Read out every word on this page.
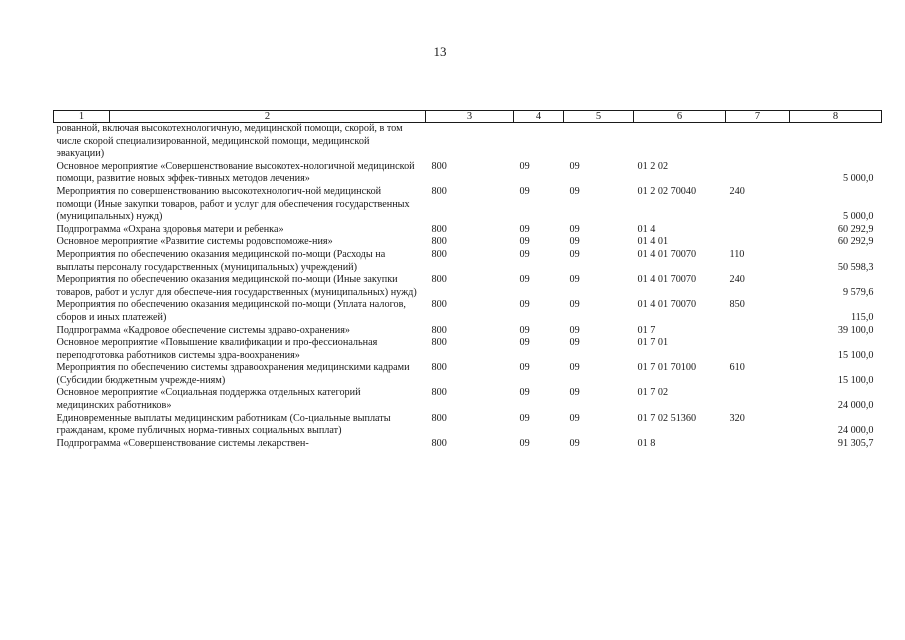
13
1	2	3	4	5	6	7	8
рованной, включая высокотехнологичную, медицинской помощи, скорой, в том числе скорой специализированной, медицинской помощи, медицинской эвакуации)							
Основное мероприятие «Совершенствование высокотех-нологичной медицинской помощи, развитие новых эффек-тивных методов лечения»		800	09	09	01 2 02		5 000,0
Мероприятия по совершенствованию высокотехнологич-ной медицинской помощи (Иные закупки товаров, работ и услуг для обеспечения государственных (муниципальных) нужд)		800	09	09	01 2 02 70040	240	5 000,0
Подпрограмма «Охрана здоровья матери и ребенка»		800	09	09	01 4		60 292,9
Основное мероприятие «Развитие системы родовспоможе-ния»		800	09	09	01 4 01		60 292,9
Мероприятия по обеспечению оказания медицинской по-мощи (Расходы на выплаты персоналу государственных (муниципальных) учреждений)		800	09	09	01 4 01 70070	110	50 598,3
Мероприятия по обеспечению оказания медицинской по-мощи (Иные закупки товаров, работ и услуг для обеспече-ния государственных (муниципальных) нужд)		800	09	09	01 4 01 70070	240	9 579,6
Мероприятия по обеспечению оказания медицинской по-мощи (Уплата налогов, сборов и иных платежей)		800	09	09	01 4 01 70070	850	115,0
Подпрограмма «Кадровое обеспечение системы здраво-охранения»		800	09	09	01 7		39 100,0
Основное мероприятие «Повышение квалификации и про-фессиональная переподготовка работников системы здра-воохранения»		800	09	09	01 7 01		15 100,0
Мероприятия по обеспечению системы здравоохранения медицинскими кадрами (Субсидии бюджетным учрежде-ниям)		800	09	09	01 7 01 70100	610	15 100,0
Основное мероприятие «Социальная поддержка отдельных категорий медицинских работников»		800	09	09	01 7 02		24 000,0
Единовременные выплаты медицинским работникам (Со-циальные выплаты гражданам, кроме публичных норма-тивных социальных выплат)		800	09	09	01 7 02 51360	320	24 000,0
Подпрограмма «Совершенствование системы лекарствен-		800	09	09	01 8		91 305,7
